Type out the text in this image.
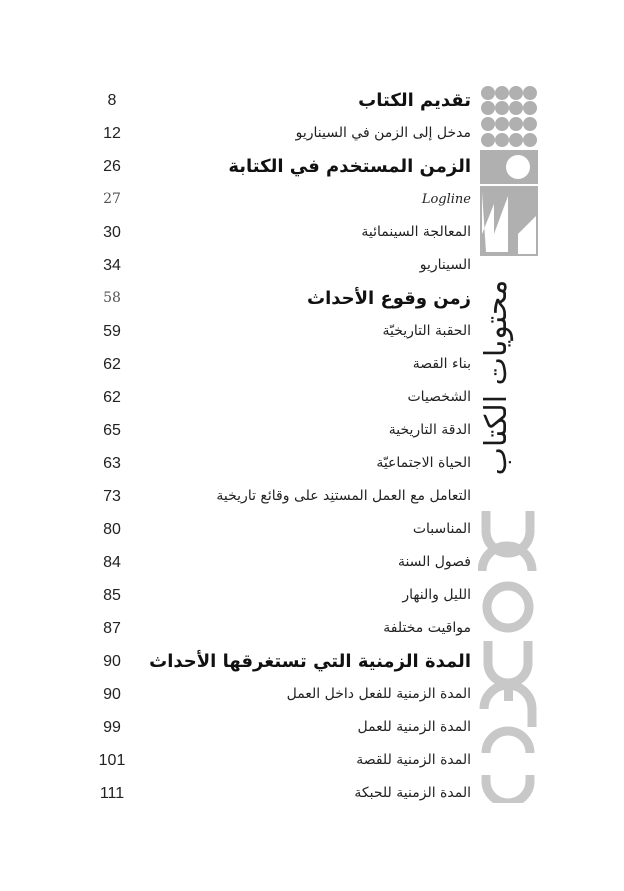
تقديم الكتاب
8
مدخل إلى الزمن في السيناريو
12
الزمن المستخدم في الكتابة
26
Logline
27
المعالجة السينمائية
30
السيناريو
34
زمن وقوع الأحداث
58
الحقبة التاريخيّة
59
بناء القصة
62
الشخصيات
62
الدقة التاريخية
65
الحياة الاجتماعيّة
63
التعامل مع العمل المستنِد على وقائع تاريخية
73
المناسبات
80
فصول السنة
84
الليل والنهار
85
مواقيت مختلفة
87
المدة الزمنية التي تستغرقها الأحداث
90
المدة الزمنية للفعل داخل العمل
90
المدة الزمنية للعمل
99
المدة الزمنية للقصة
101
المدة الزمنية للحبكة
111
محتويات الكتاب
